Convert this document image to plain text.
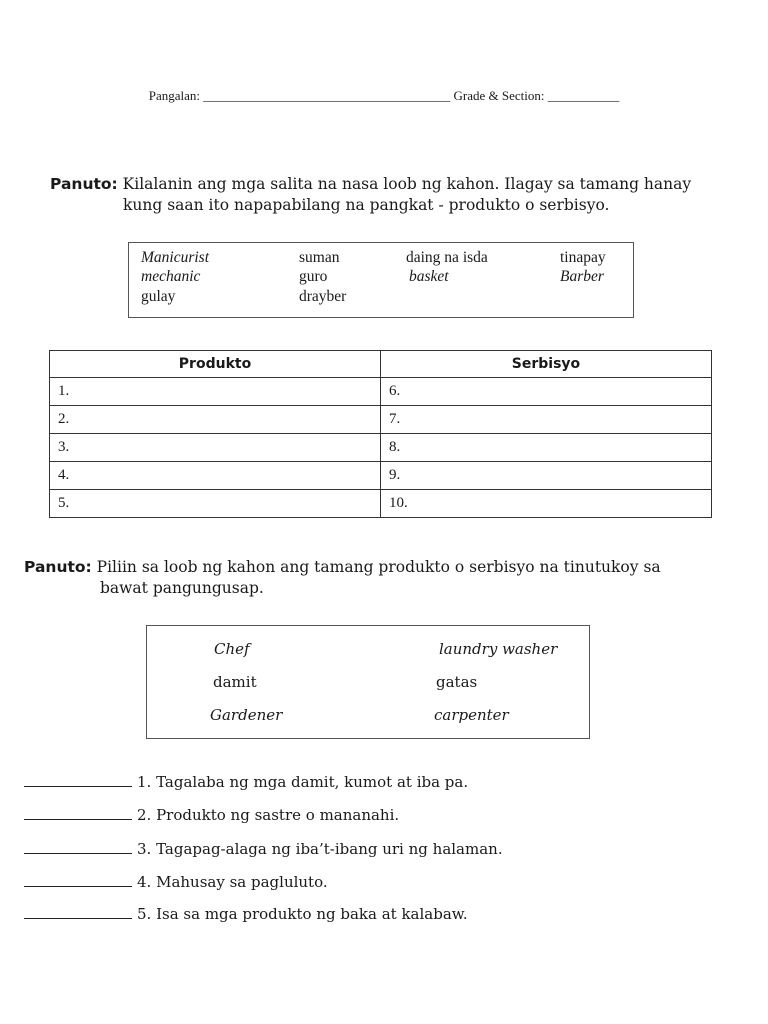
Pangalan: ______________________________________ Grade & Section: ___________
Panuto: Kilalanin ang mga salita na nasa loob ng kahon. Ilagay sa tamang hanay
kung saan ito napapabilang na pangkat - produkto o serbisyo.
Manicurist	suman	daing na isda	tinapay
mechanic	guro	basket	Barber
gulay	drayber
Produkto	Serbisyo
1.	6.
2.	7.
3.	8.
4.	9.
5.	10.
Panuto: Piliin sa loob ng kahon ang tamang produkto o serbisyo na tinutukoy sa
bawat pangungusap.
Chef	laundry washer
damit	gatas
Gardener	carpenter
1. Tagalaba ng mga damit, kumot at iba pa.
2. Produkto ng sastre o mananahi.
3. Tagapag-alaga ng iba’t-ibang uri ng halaman.
4. Mahusay sa pagluluto.
5. Isa sa mga produkto ng baka at kalabaw.
